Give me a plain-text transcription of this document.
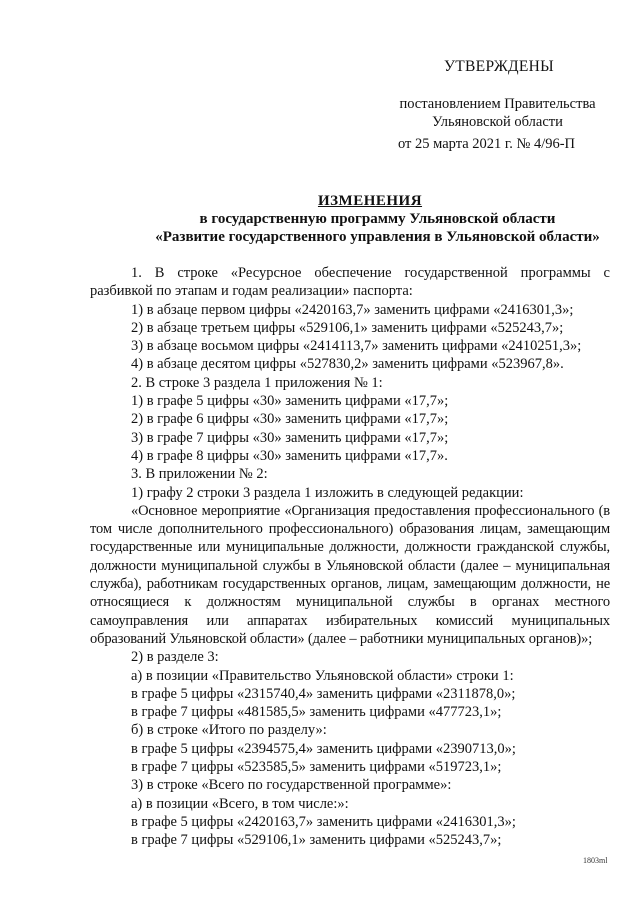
УТВЕРЖДЕНЫ
постановлением Правительства
Ульяновской области
от 25 марта 2021 г. № 4/96-П
ИЗМЕНЕНИЯ
в государственную программу Ульяновской области
«Развитие государственного управления в Ульяновской области»

1. В строке «Ресурсное обеспечение государственной программы с разбивкой по этапам и годам реализации» паспорта:

1) в абзаце первом цифры «2420163,7» заменить цифрами «2416301,3»;

2) в абзаце третьем цифры «529106,1» заменить цифрами «525243,7»;

3) в абзаце восьмом цифры «2414113,7» заменить цифрами «2410251,3»;

4) в абзаце десятом цифры «527830,2» заменить цифрами «523967,8».

2. В строке 3 раздела 1 приложения № 1:

1) в графе 5 цифры «30» заменить цифрами «17,7»;

2) в графе 6 цифры «30» заменить цифрами «17,7»;

3) в графе 7 цифры «30» заменить цифрами «17,7»;

4) в графе 8 цифры «30» заменить цифрами «17,7».

3. В приложении № 2:

1) графу 2 строки 3 раздела 1 изложить в следующей редакции:

«Основное мероприятие «Организация предоставления профессионального (в том числе дополнительного профессионального) образования лицам, замещающим государственные или муниципальные должности, должности гражданской службы, должности муниципальной службы в Ульяновской области (далее – муниципальная служба), работникам государственных органов, лицам, замещающим должности, не относящиеся к должностям муниципальной службы в органах местного самоуправления или аппаратах избирательных комиссий муниципальных образований Ульяновской области» (далее – работники муниципальных органов)»;

2) в разделе 3:

а) в позиции «Правительство Ульяновской области» строки 1:

в графе 5 цифры «2315740,4» заменить цифрами «2311878,0»;

в графе 7 цифры «481585,5» заменить цифрами «477723,1»;

б) в строке «Итого по разделу»:

в графе 5 цифры «2394575,4» заменить цифрами «2390713,0»;

в графе 7 цифры «523585,5» заменить цифрами «519723,1»;

3) в строке «Всего по государственной программе»:

а) в позиции «Всего, в том числе:»:

в графе 5 цифры «2420163,7» заменить цифрами «2416301,3»;

в графе 7 цифры «529106,1» заменить цифрами «525243,7»;

1803ml
